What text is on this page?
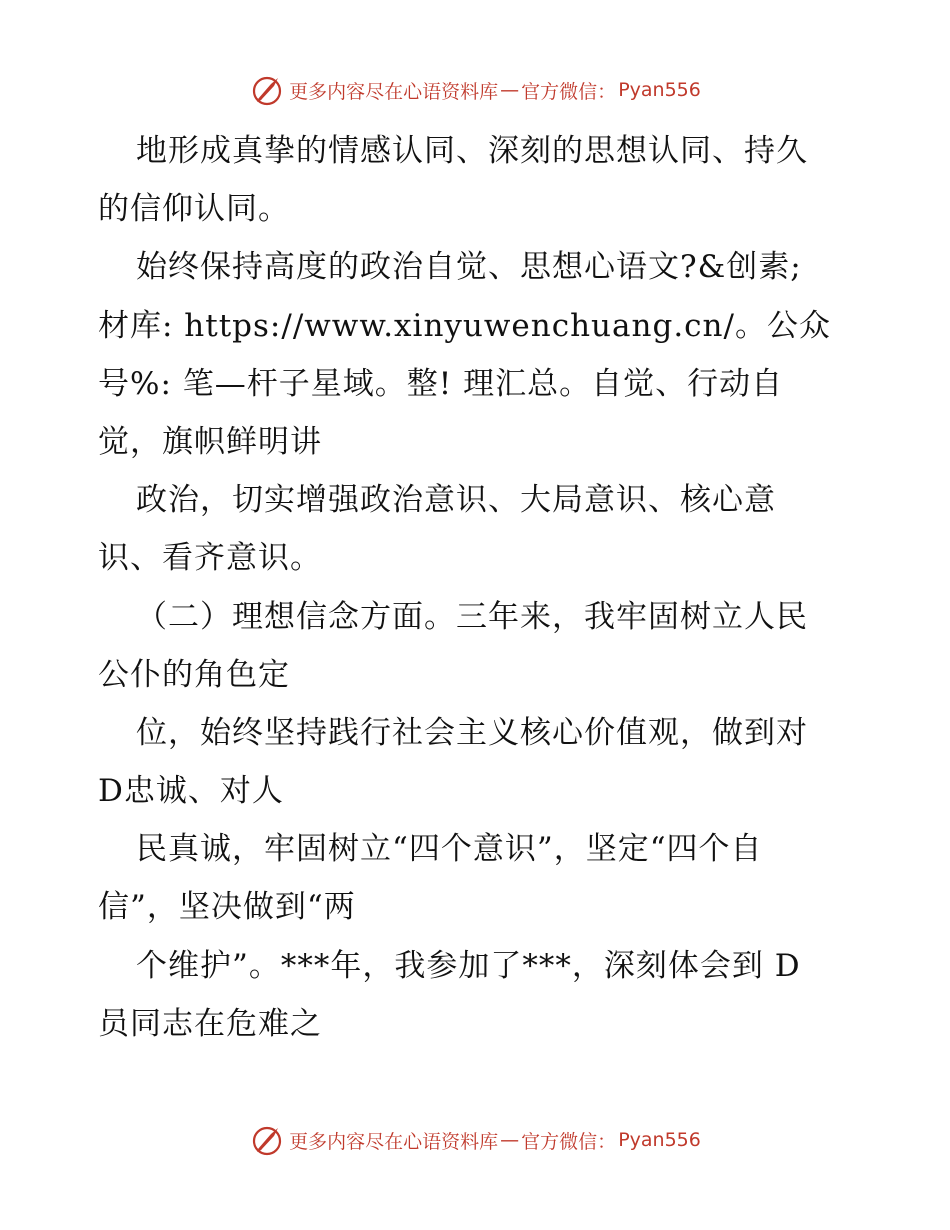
更多内容尽在心语资料库 — 官方微信： Pyan556
地形成真挚的情感认同、深刻的思想认同、持久
的信仰认同。
始终保持高度的政治自觉、思想心语文?&创素;
材库: https://www.xinyuwenchuang.cn/。公众
号%: 笔—杆子星域。整! 理汇总。自觉、行动自
觉，旗帜鲜明讲
政治，切实增强政治意识、大局意识、核心意
识、看齐意识。
（二）理想信念方面。三年来，我牢固树立人民
公仆的角色定
位，始终坚持践行社会主义核心价值观，做到对
D忠诚、对人
民真诚，牢固树立“四个意识”，坚定“四个自
信”，坚决做到“两
个维护”。***年，我参加了***，深刻体会到 D
员同志在危难之
更多内容尽在心语资料库 — 官方微信： Pyan556
